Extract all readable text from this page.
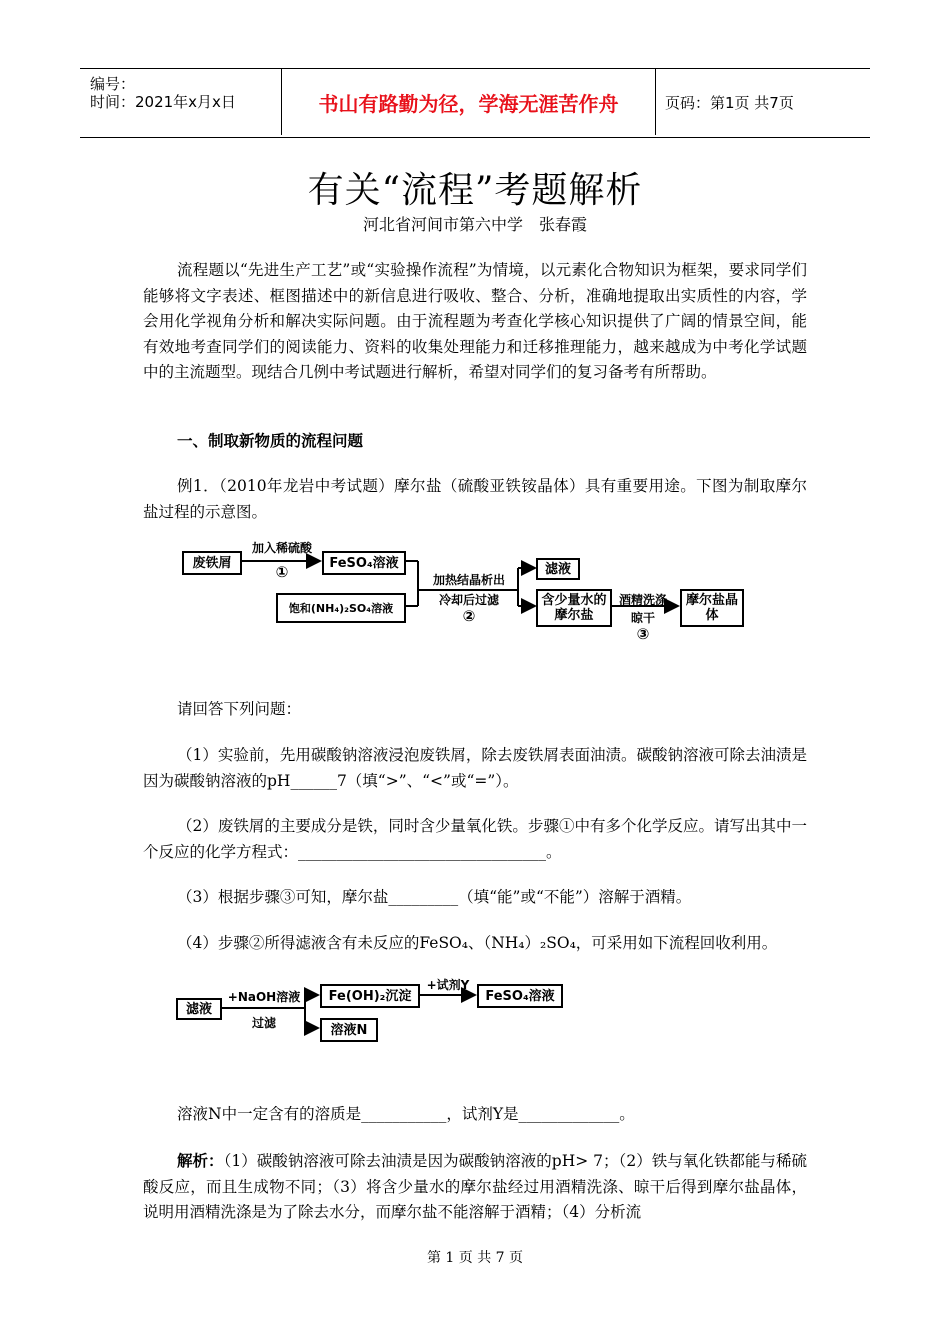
编号：
时间：2021年x月x日	书山有路勤为径，学海无涯苦作舟	页码：第1页 共7页
有关“流程”考题解析
河北省河间市第六中学　张春霞
流程题以“先进生产工艺”或“实验操作流程”为情境，以元素化合物知识为框架，要求同学们能够将文字表述、框图描述中的新信息进行吸收、整合、分析，准确地提取出实质性的内容，学会用化学视角分析和解决实际问题。由于流程题为考查化学核心知识提供了广阔的情景空间，能有效地考查同学们的阅读能力、资料的收集处理能力和迁移推理能力，越来越成为中考化学试题中的主流题型。现结合几例中考试题进行解析，希望对同学们的复习备考有所帮助。
一、制取新物质的流程问题
例1．（2010年龙岩中考试题）摩尔盐（硫酸亚铁铵晶体）具有重要用途。下图为制取摩尔盐过程的示意图。
废铁屑
加入稀硫酸
①	FeSO₄溶液
饱和(NH₄)₂SO₄溶液
加热结晶析出
冷却后过滤
②
滤液
含少量水的摩尔盐
酒精洗涤
晾干
③
摩尔盐晶体
请回答下列问题：
（1）实验前，先用碳酸钠溶液浸泡废铁屑，除去废铁屑表面油渍。碳酸钠溶液可除去油渍是因为碳酸钠溶液的pH______7（填“>”、“<”或“=”）。
（2）废铁屑的主要成分是铁，同时含少量氧化铁。步骤①中有多个化学反应。请写出其中一个反应的化学方程式：________________________________。
（3）根据步骤③可知，摩尔盐_________（填“能”或“不能”）溶解于酒精。
（4）步骤②所得滤液含有未反应的FeSO₄、（NH₄）₂SO₄，可采用如下流程回收利用。
滤液
+NaOH溶液
过滤
Fe(OH)₂沉淀
+试剂Y
FeSO₄溶液
溶液N
溶液N中一定含有的溶质是___________，试剂Y是_____________。
解析：（1）碳酸钠溶液可除去油渍是因为碳酸钠溶液的pH> 7；（2）铁与氧化铁都能与稀硫酸反应，而且生成物不同；（3）将含少量水的摩尔盐经过用酒精洗涤、晾干后得到摩尔盐晶体，说明用酒精洗涤是为了除去水分，而摩尔盐不能溶解于酒精；（4）分析流
第 1 页 共 7 页
